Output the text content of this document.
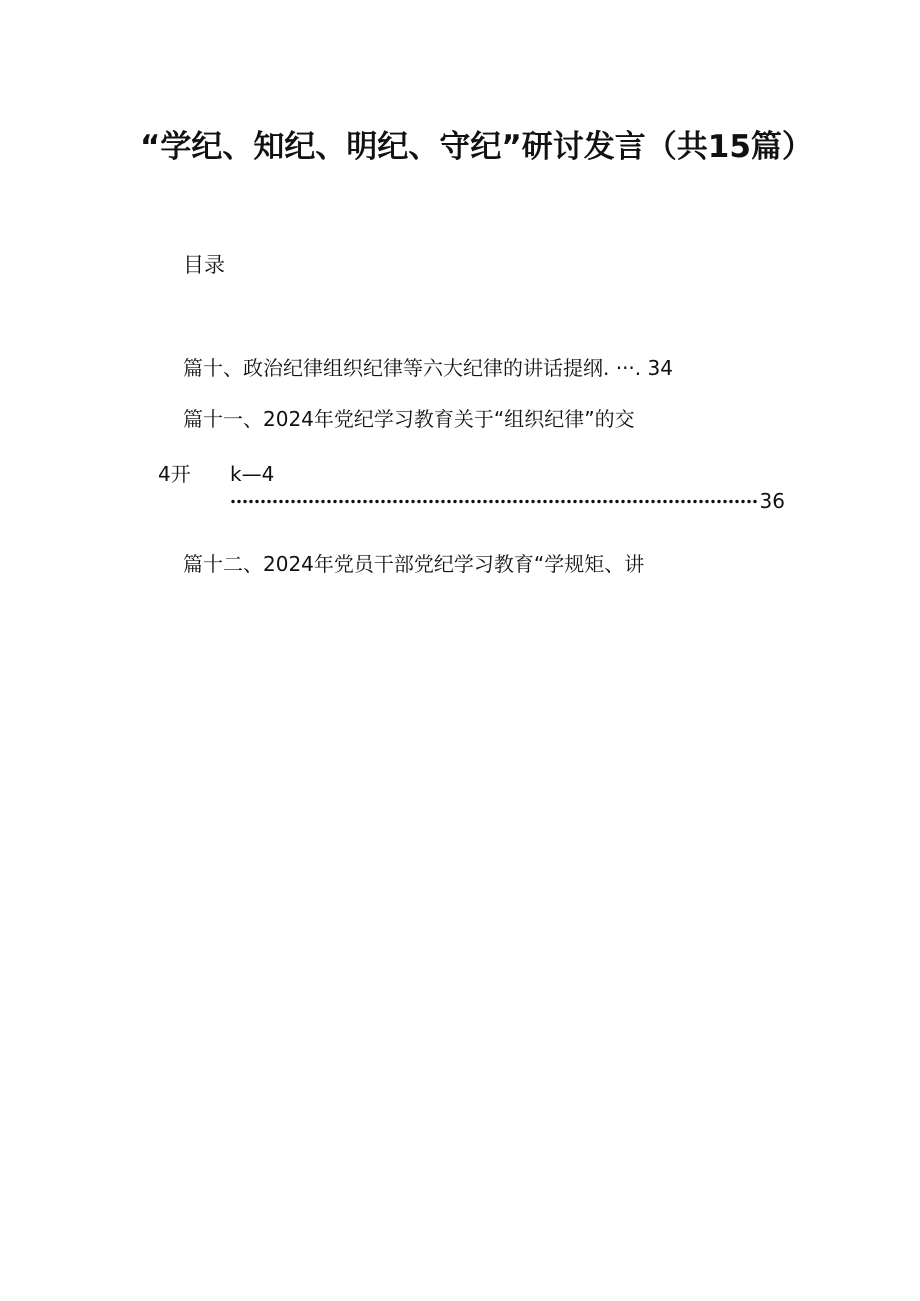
“学纪、知纪、明纪、守纪”研讨发言（共15篇）
目录
篇十、政治纪律组织纪律等六大纪律的讲话提纲. ···. 34
篇十一、2024年党纪学习教育关于“组织纪律”的交
4开 k—4
36
篇十二、2024年党员干部党纪学习教育“学规矩、讲
